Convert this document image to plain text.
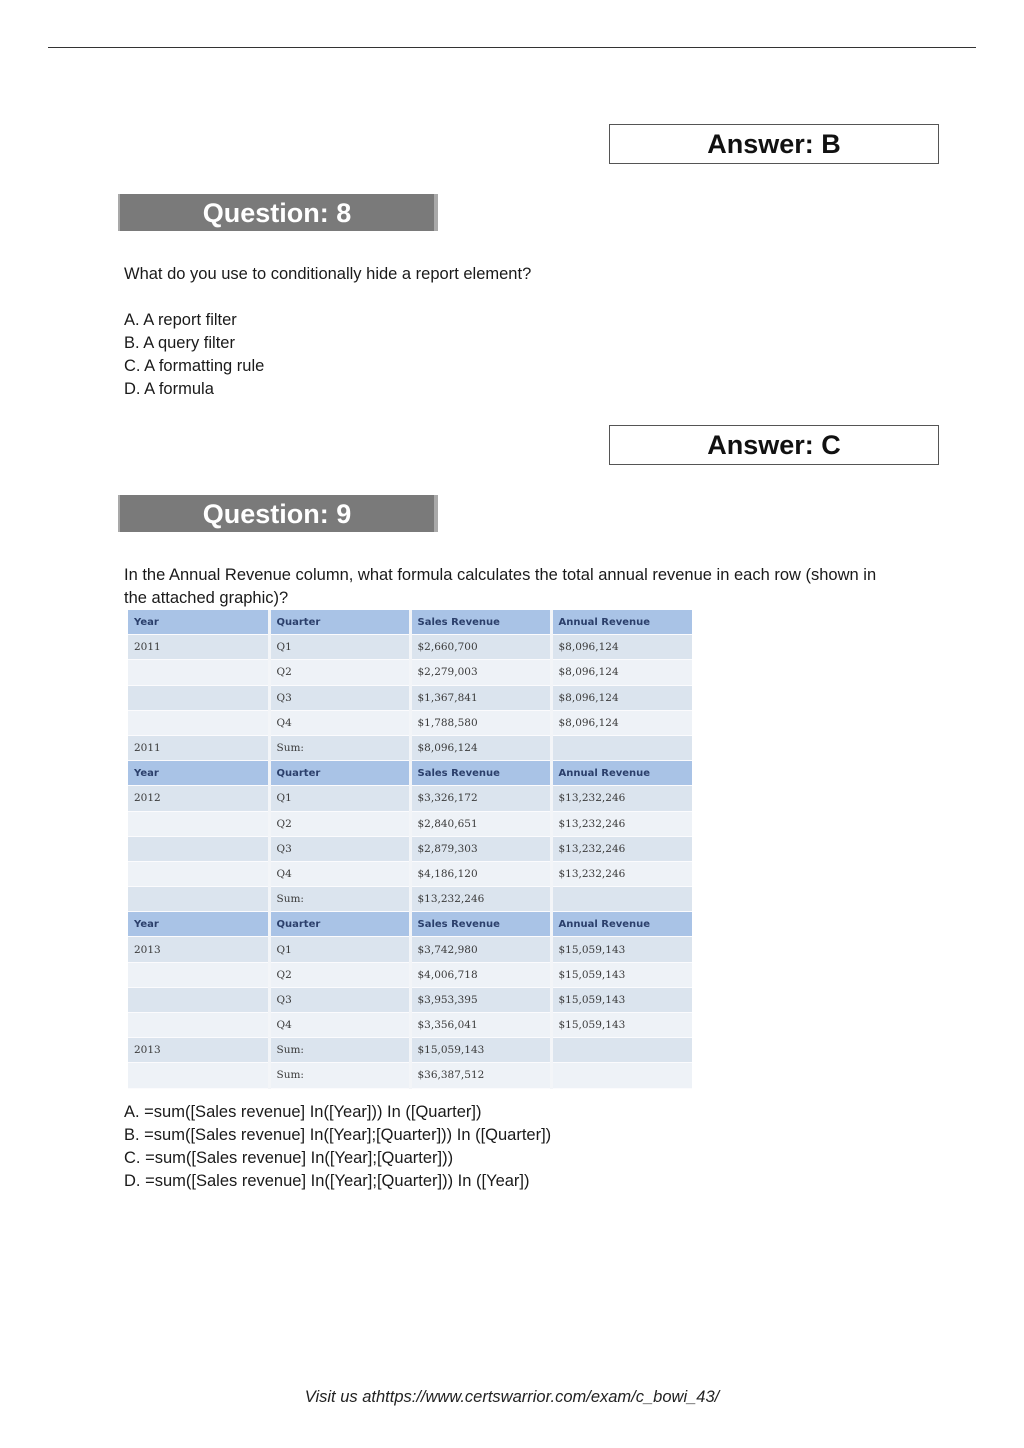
Answer: B
Question: 8
What do you use to conditionally hide a report element?
A. A report filter
B. A query filter
C. A formatting rule
D. A formula
Answer: C
Question: 9
In the Annual Revenue column, what formula calculates the total annual revenue in each row (shown in
the attached graphic)?
Year	Quarter	Sales Revenue	Annual Revenue
2011	Q1	$2,660,700	$8,096,124
	Q2	$2,279,003	$8,096,124
	Q3	$1,367,841	$8,096,124
	Q4	$1,788,580	$8,096,124
2011	Sum:	$8,096,124	
Year	Quarter	Sales Revenue	Annual Revenue
2012	Q1	$3,326,172	$13,232,246
	Q2	$2,840,651	$13,232,246
	Q3	$2,879,303	$13,232,246
	Q4	$4,186,120	$13,232,246
	Sum:	$13,232,246	
Year	Quarter	Sales Revenue	Annual Revenue
2013	Q1	$3,742,980	$15,059,143
	Q2	$4,006,718	$15,059,143
	Q3	$3,953,395	$15,059,143
	Q4	$3,356,041	$15,059,143
2013	Sum:	$15,059,143	
	Sum:	$36,387,512	
A. =sum([Sales revenue] In([Year])) In ([Quarter])
B. =sum([Sales revenue] In([Year];[Quarter])) In ([Quarter])
C. =sum([Sales revenue] In([Year];[Quarter]))
D. =sum([Sales revenue] In([Year];[Quarter])) In ([Year])
Visit us athttps://www.certswarrior.com/exam/c_bowi_43/
